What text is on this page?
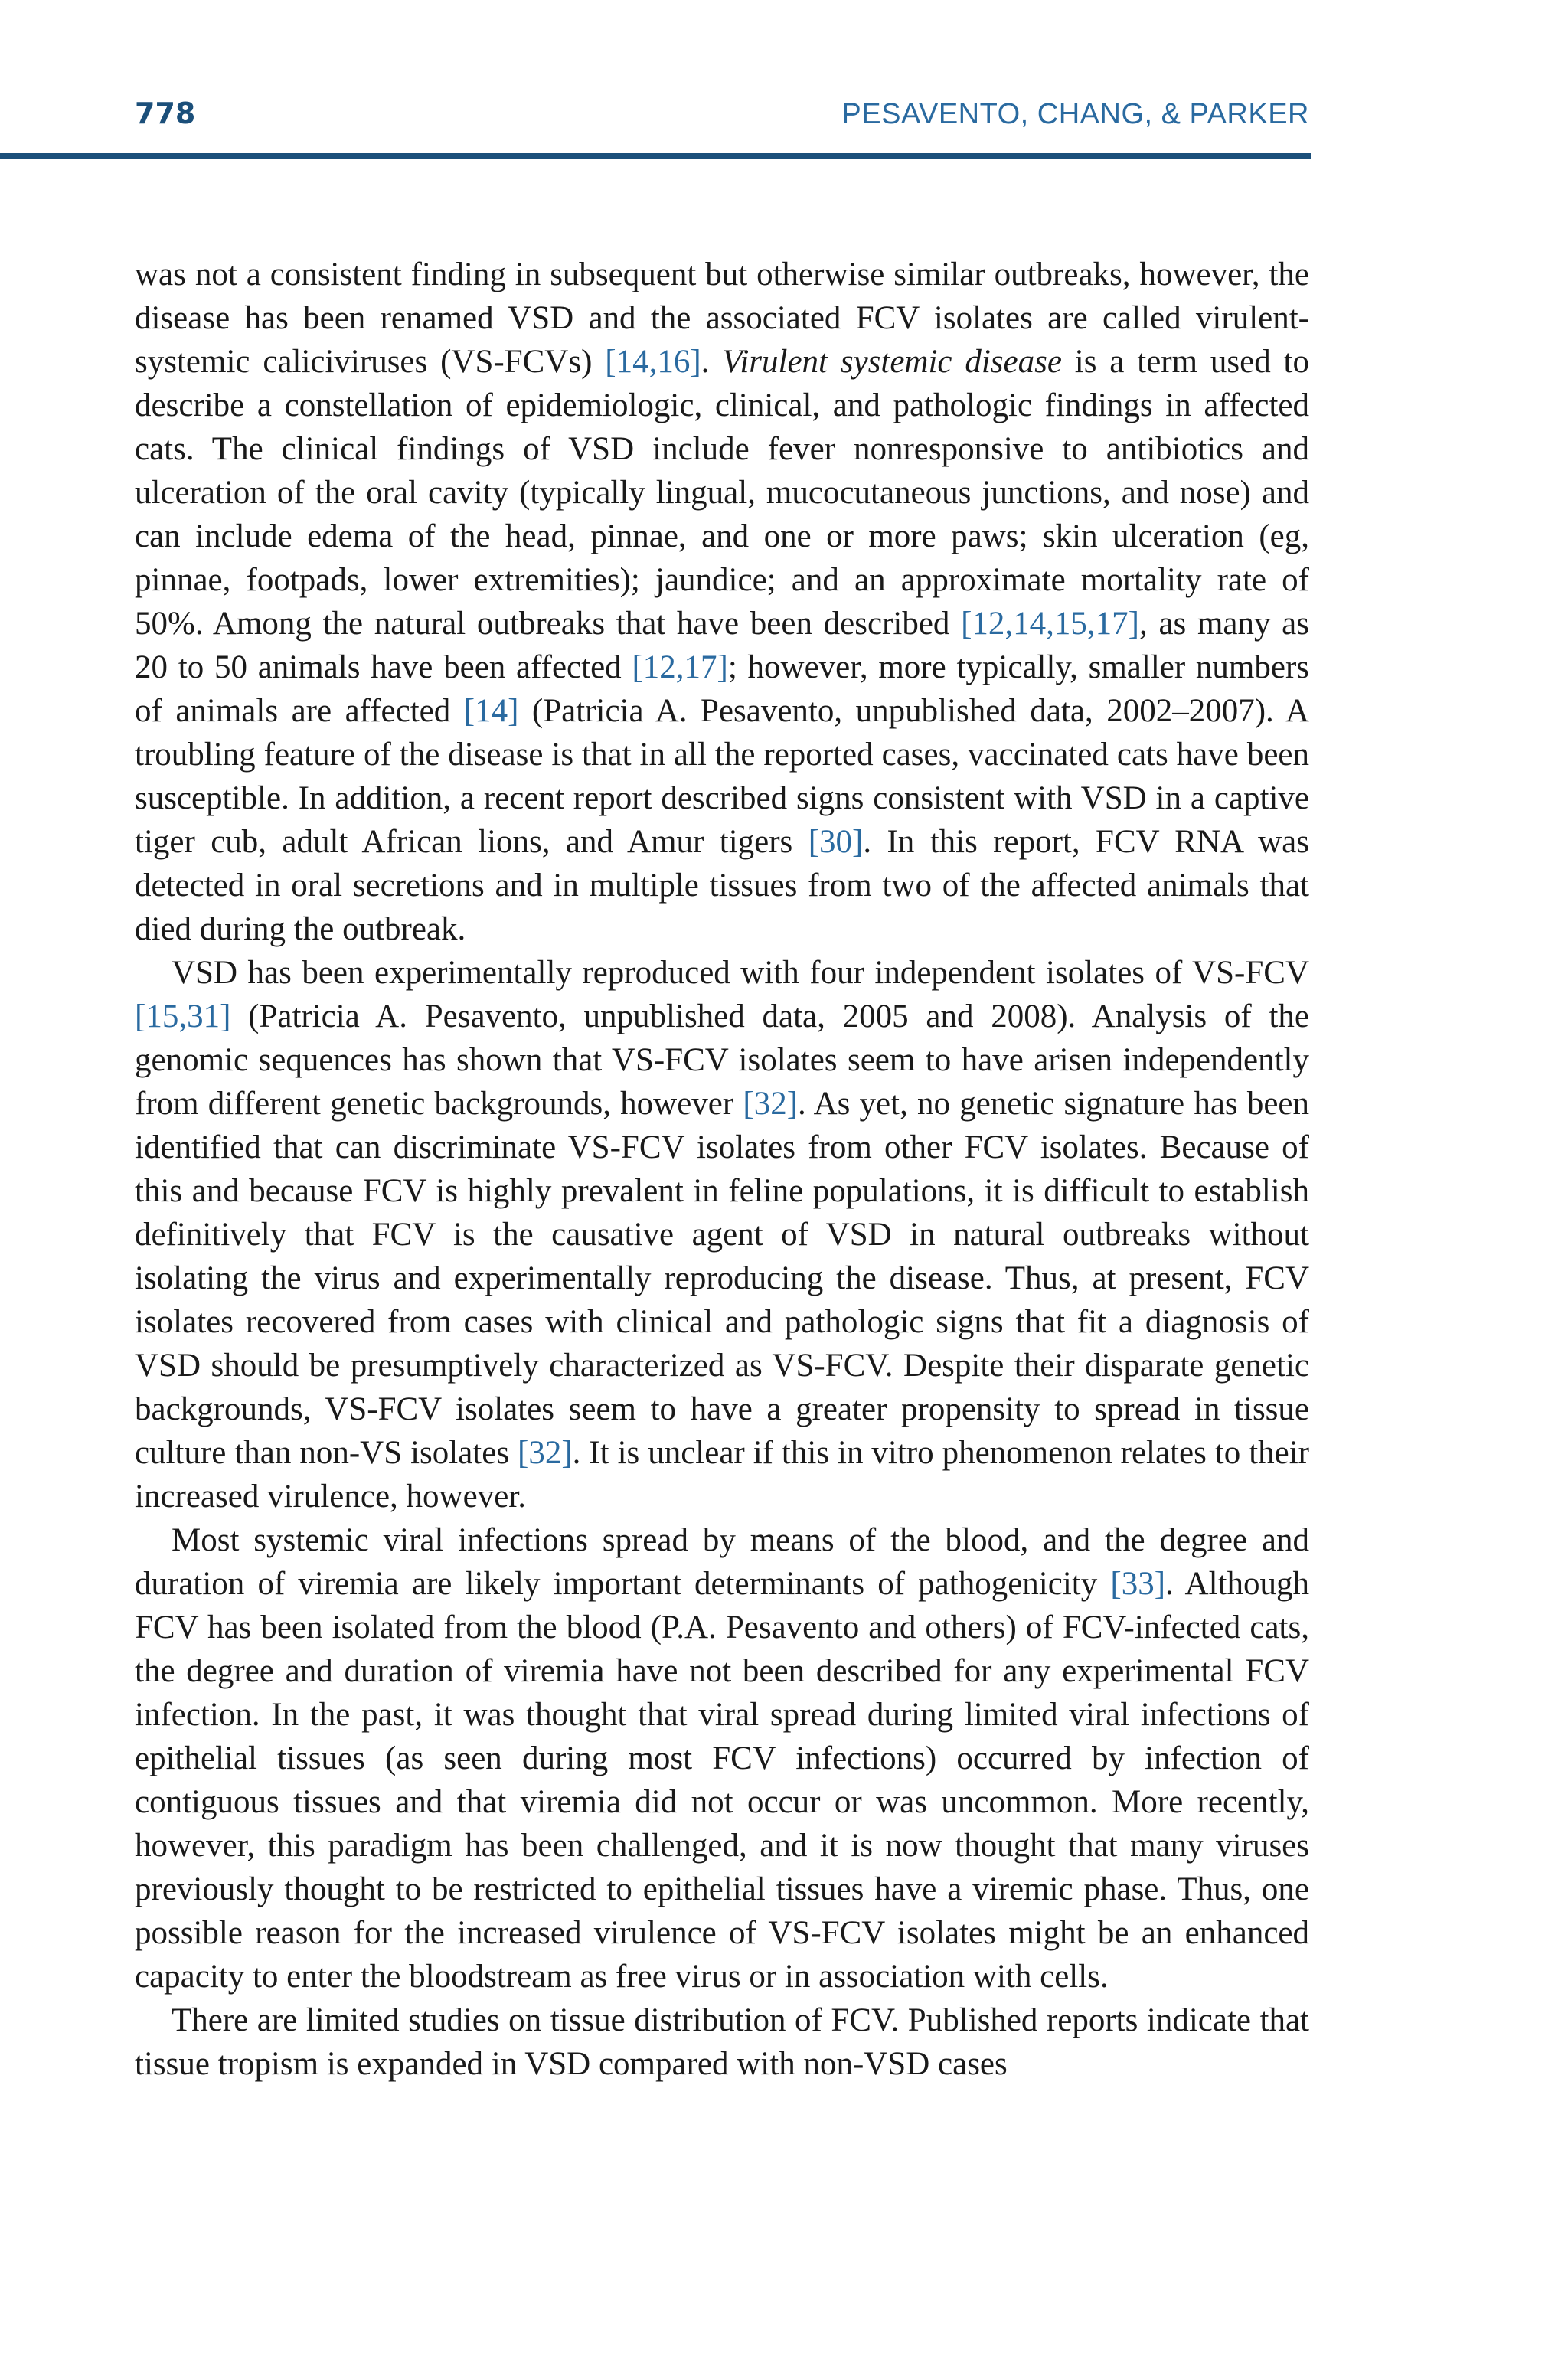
778	PESAVENTO, CHANG, & PARKER

was not a consistent finding in subsequent but otherwise similar outbreaks, however, the disease has been renamed VSD and the associated FCV isolates are called virulent-systemic caliciviruses (VS-FCVs) [14,16]. Virulent systemic disease is a term used to describe a constellation of epidemiologic, clinical, and pathologic findings in affected cats. The clinical findings of VSD include fever nonresponsive to antibiotics and ulceration of the oral cavity (typically lingual, mucocutaneous junctions, and nose) and can include edema of the head, pinnae, and one or more paws; skin ulceration (eg, pinnae, footpads, lower extremities); jaundice; and an approximate mortality rate of 50%. Among the natural outbreaks that have been described [12,14,15,17], as many as 20 to 50 animals have been affected [12,17]; however, more typically, smaller numbers of animals are affected [14] (Patricia A. Pesavento, unpublished data, 2002–2007). A troubling feature of the disease is that in all the reported cases, vaccinated cats have been susceptible. In addition, a recent report described signs consistent with VSD in a captive tiger cub, adult African lions, and Amur tigers [30]. In this report, FCV RNA was detected in oral secretions and in multiple tissues from two of the affected animals that died during the outbreak.

VSD has been experimentally reproduced with four independent isolates of VS-FCV [15,31] (Patricia A. Pesavento, unpublished data, 2005 and 2008). Analysis of the genomic sequences has shown that VS-FCV isolates seem to have arisen independently from different genetic backgrounds, however [32]. As yet, no genetic signature has been identified that can discriminate VS-FCV isolates from other FCV isolates. Because of this and because FCV is highly prevalent in feline populations, it is difficult to establish definitively that FCV is the causative agent of VSD in natural outbreaks without isolating the virus and experimentally reproducing the disease. Thus, at present, FCV isolates recovered from cases with clinical and pathologic signs that fit a diagnosis of VSD should be presumptively characterized as VS-FCV. Despite their disparate genetic backgrounds, VS-FCV isolates seem to have a greater propensity to spread in tissue culture than non-VS isolates [32]. It is unclear if this in vitro phenomenon relates to their increased virulence, however.

Most systemic viral infections spread by means of the blood, and the degree and duration of viremia are likely important determinants of pathogenicity [33]. Although FCV has been isolated from the blood (P.A. Pesavento and others) of FCV-infected cats, the degree and duration of viremia have not been described for any experimental FCV infection. In the past, it was thought that viral spread during limited viral infections of epithelial tissues (as seen during most FCV infections) occurred by infection of contiguous tissues and that viremia did not occur or was uncommon. More recently, however, this paradigm has been challenged, and it is now thought that many viruses previously thought to be restricted to epithelial tissues have a viremic phase. Thus, one possible reason for the increased virulence of VS-FCV isolates might be an enhanced capacity to enter the bloodstream as free virus or in association with cells.

There are limited studies on tissue distribution of FCV. Published reports indicate that tissue tropism is expanded in VSD compared with non-VSD cases
